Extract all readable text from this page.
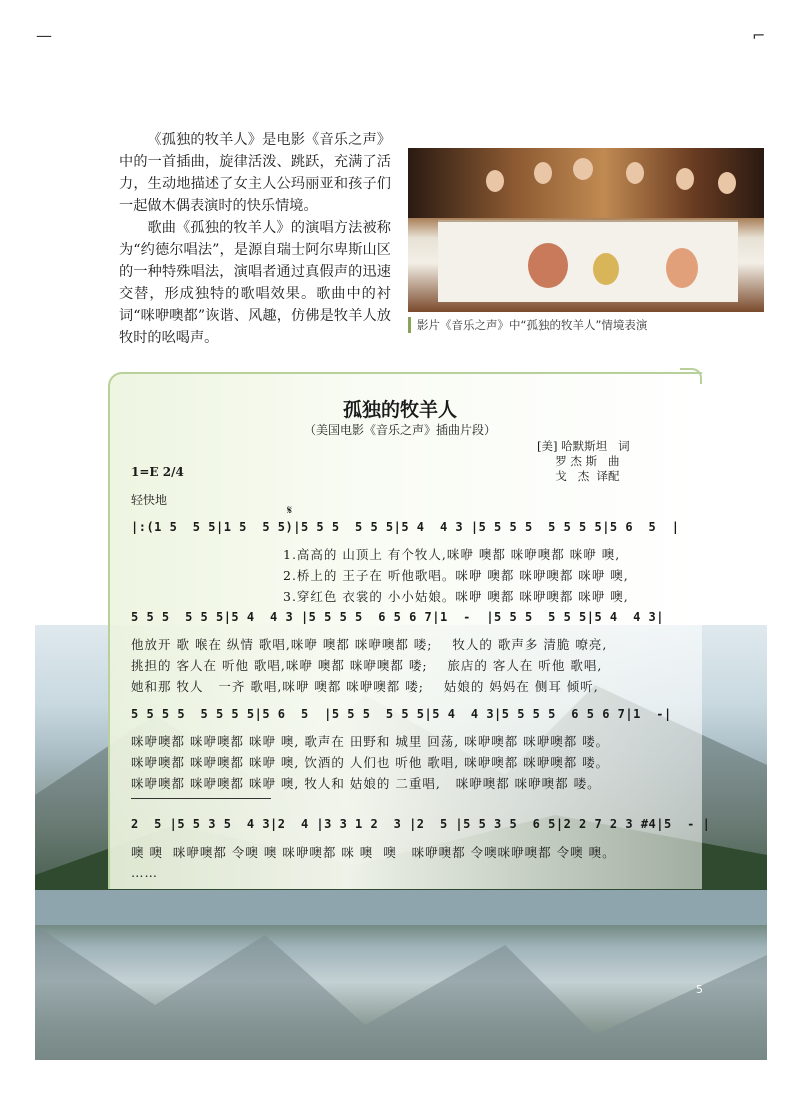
—	⌐

《孤独的牧羊人》是电影《音乐之声》中的一首插曲，旋律活泼、跳跃，充满了活力，生动地描述了女主人公玛丽亚和孩子们一起做木偶表演时的快乐情境。

歌曲《孤独的牧羊人》的演唱方法被称为“约德尔唱法”，是源自瑞士阿尔卑斯山区的一种特殊唱法，演唱者通过真假声的迅速交替，形成独特的歌唱效果。歌曲中的衬词“咪咿噢都”诙谐、风趣，仿佛是牧羊人放牧时的吆喝声。

影片《音乐之声》中“孤独的牧羊人”情境表演
孤独的牧羊人
（美国电影《音乐之声》插曲片段）
[美] 哈默斯坦   词
罗 杰 斯   曲
戈   杰  译配
1=E 2/4
轻快地
𝄋
|:(1 5  5 5|1 5  5 5)|5 5 5  5 5 5|5 4  4 3 |5 5 5 5  5 5 5 5|5 6  5  |
1.高高的 山顶上 有个牧人,咪咿 噢都 咪咿噢都 咪咿 噢,
2.桥上的 王子在 听他歌唱。咪咿 噢都 咪咿噢都 咪咿 噢,
3.穿红色 衣裳的 小小姑娘。咪咿 噢都 咪咿噢都 咪咿 噢,
5 5 5  5 5 5|5 4  4 3 |5 5 5 5  6 5 6 7|1  -  |5 5 5  5 5 5|5 4  4 3|
他放开 歌 喉在 纵情 歌唱,咪咿 噢都 咪咿噢都 喽;    牧人的 歌声多 清脆 嘹亮,
挑担的 客人在 听他 歌唱,咪咿 噢都 咪咿噢都 喽;    旅店的 客人在 听他 歌唱,
她和那 牧人   一齐 歌唱,咪咿 噢都 咪咿噢都 喽;    姑娘的 妈妈在 侧耳 倾听,
5 5 5 5  5 5 5 5|5 6  5  |5 5 5  5 5 5|5 4  4 3|5 5 5 5  6 5 6 7|1  -|
咪咿噢都 咪咿噢都 咪咿 噢, 歌声在 田野和 城里 回荡, 咪咿噢都 咪咿噢都 喽。
咪咿噢都 咪咿噢都 咪咿 噢, 饮酒的 人们也 听他 歌唱, 咪咿噢都 咪咿噢都 喽。
咪咿噢都 咪咿噢都 咪咿 噢, 牧人和 姑娘的 二重唱,   咪咿噢都 咪咿噢都 喽。
2  5 |5 5 3 5  4 3|2  4 |3 3 1 2  3 |2  5 |5 5 3 5  6 5|2 2 7 2 3 #4|5  - |
噢 噢  咪咿噢都 令噢 噢 咪咿噢都 咪 噢  噢   咪咿噢都 令噢咪咿噢都 令噢 噢。
……
5
